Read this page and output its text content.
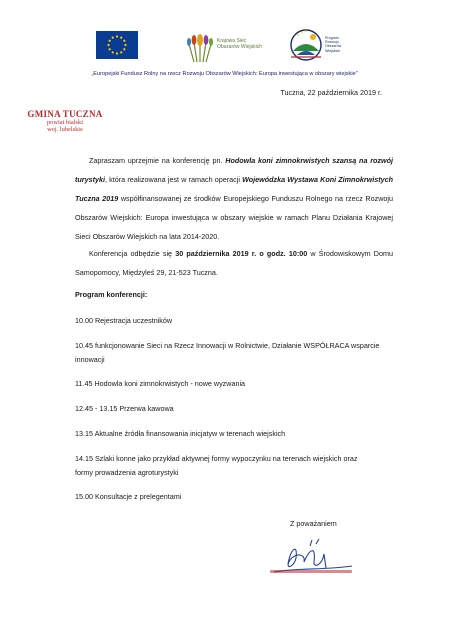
Krajowa Sieć
Obszarów Wiejskich
Program
Rozwoju
Obszarów
Wiejskich
„Europejski Fundusz Rolny na rzecz Rozwoju Obszarów Wiejskich: Europa inwestująca w obszary wiejskie”
Tuczna, 22 października 2019 r.
GMINA TUCZNA
powiat bialski
woj. lubelskie
Zapraszam uprzejmie na konferencję pn. Hodowla koni zimnokrwistych szansą na rozwój turystyki, która realizowana jest w ramach operacji Wojewódzka Wystawa Koni Zimnokrwistych Tuczna 2019 współfinansowanej ze środków Europejskiego Funduszu Rolnego na rzecz Rozwoju Obszarów Wiejskich: Europa inwestująca w obszary wiejskie w ramach Planu Działania Krajowej Sieci Obszarów Wiejskich na lata 2014-2020.
Konferencja odbędzie się 30 października 2019 r. o godz. 10:00 w Środowiskowym Domu Samopomocy, Międzyleś 29, 21-523 Tuczna.
Program konferencji:
10.00 Rejestracja uczestników
10.45 funkcjonowanie Sieci na Rzecz Innowacji w Rolnictwie, Działanie WSPÓŁRACA wsparcie innowacji
11.45 Hodowla koni zimnokrwistych - nowe wyzwania
12.45 - 13.15 Przerwa kawowa
13.15 Aktualne źródła finansowania inicjatyw w terenach wiejskich
14.15 Szlaki konne jako przykład aktywnej formy wypoczynku na terenach wiejskich oraz formy prowadzenia agroturystyki
15.00 Konsultacje z prelegentami
Z poważaniem
